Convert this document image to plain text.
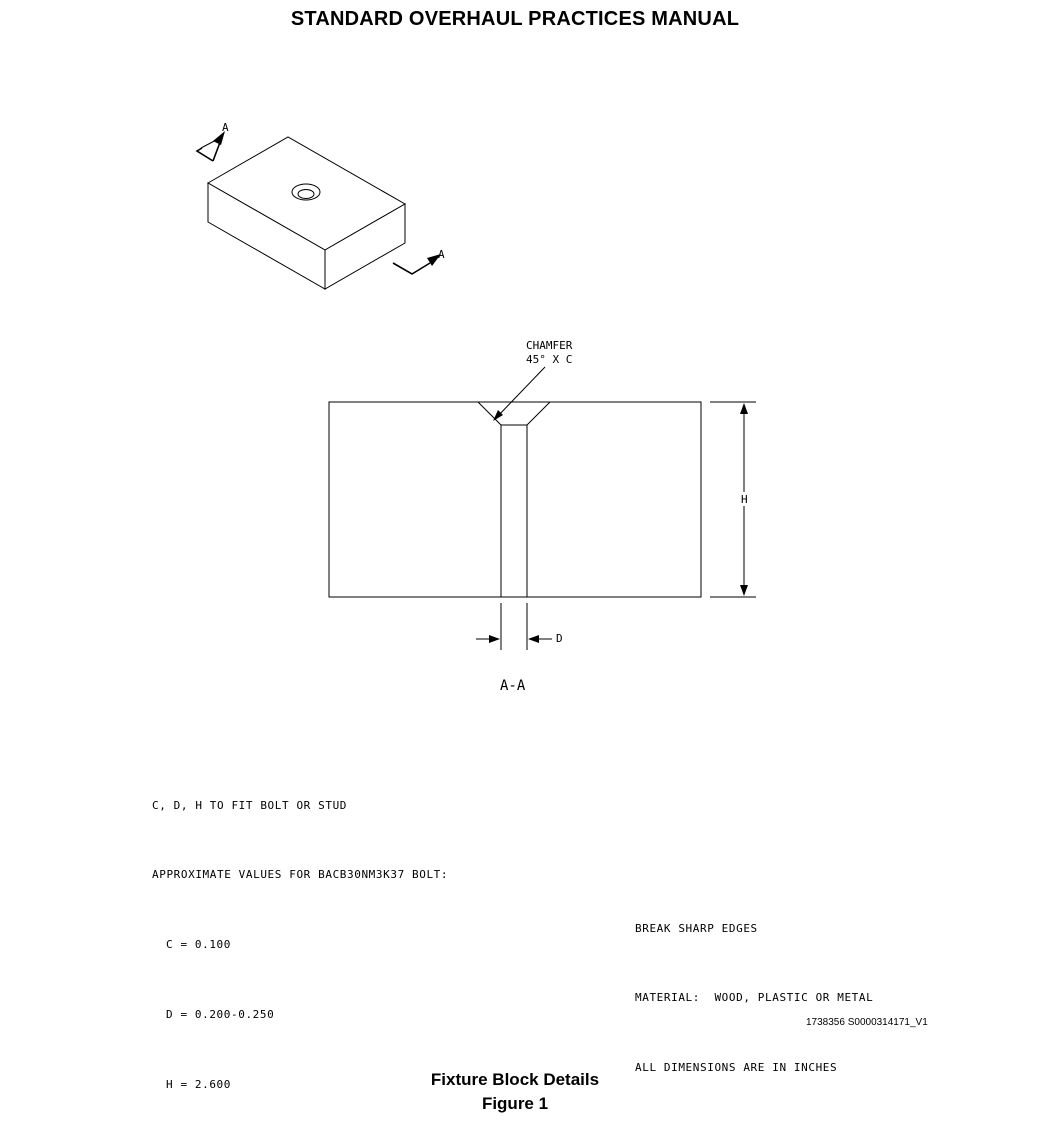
STANDARD OVERHAUL PRACTICES MANUAL
A
A
CHAMFER
45° X C
H
D
A-A

C, D, H TO FIT BOLT OR STUD

APPROXIMATE VALUES FOR BACB30NM3K37 BOLT:

C = 0.100

D = 0.200-0.250

H = 2.600

BREAK SHARP EDGES

MATERIAL:  WOOD, PLASTIC OR METAL

ALL DIMENSIONS ARE IN INCHES

1738356 S0000314171_V1
Fixture Block Details
Figure 1
